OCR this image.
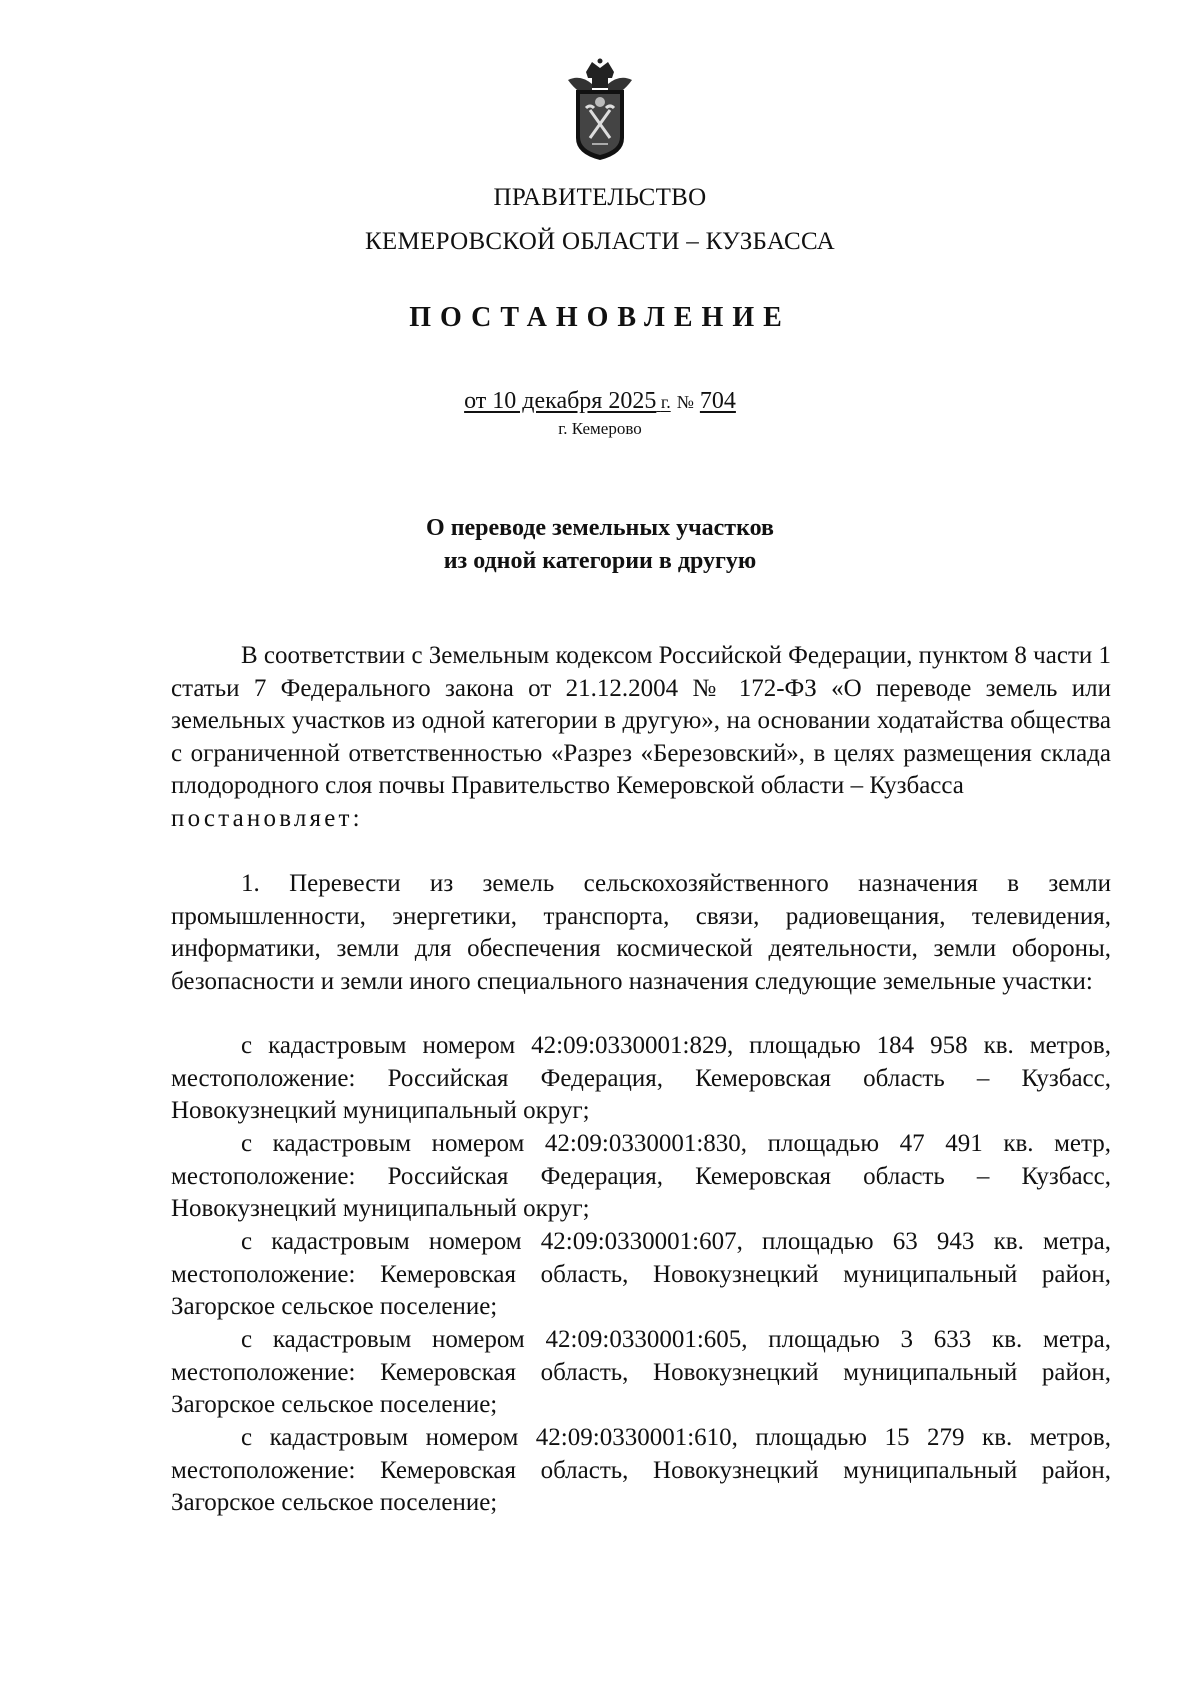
ПРАВИТЕЛЬСТВО
КЕМЕРОВСКОЙ ОБЛАСТИ – КУЗБАССА
ПОСТАНОВЛЕНИЕ
от 10 декабря 2025 г. № 704
г. Кемерово
О переводе земельных участков
из одной категории в другую

В соответствии с Земельным кодексом Российской Федерации, пунктом 8 части 1 статьи 7 Федерального закона от 21.12.2004 № 172-ФЗ «О переводе земель или земельных участков из одной категории в другую», на основании ходатайства общества с ограниченной ответственностью «Разрез «Березовский», в целях размещения склада плодородного слоя почвы Правительство Кемеровской области – Кузбасса
постановляет:

1. Перевести из земель сельскохозяйственного назначения в земли промышленности, энергетики, транспорта, связи, радиовещания, телевидения, информатики, земли для обеспечения космической деятельности, земли обороны, безопасности и земли иного специального назначения следующие земельные участки:

с кадастровым номером 42:09:0330001:829, площадью 184 958 кв. метров, местоположение: Российская Федерация, Кемеровская область – Кузбасс, Новокузнецкий муниципальный округ;

с кадастровым номером 42:09:0330001:830, площадью 47 491 кв. метр, местоположение: Российская Федерация, Кемеровская область – Кузбасс, Новокузнецкий муниципальный округ;

с кадастровым номером 42:09:0330001:607, площадью 63 943 кв. метра, местоположение: Кемеровская область, Новокузнецкий муниципальный район, Загорское сельское поселение;

с кадастровым номером 42:09:0330001:605, площадью 3 633 кв. метра, местоположение: Кемеровская область, Новокузнецкий муниципальный район, Загорское сельское поселение;

с кадастровым номером 42:09:0330001:610, площадью 15 279 кв. метров, местоположение: Кемеровская область, Новокузнецкий муниципальный район, Загорское сельское поселение;
